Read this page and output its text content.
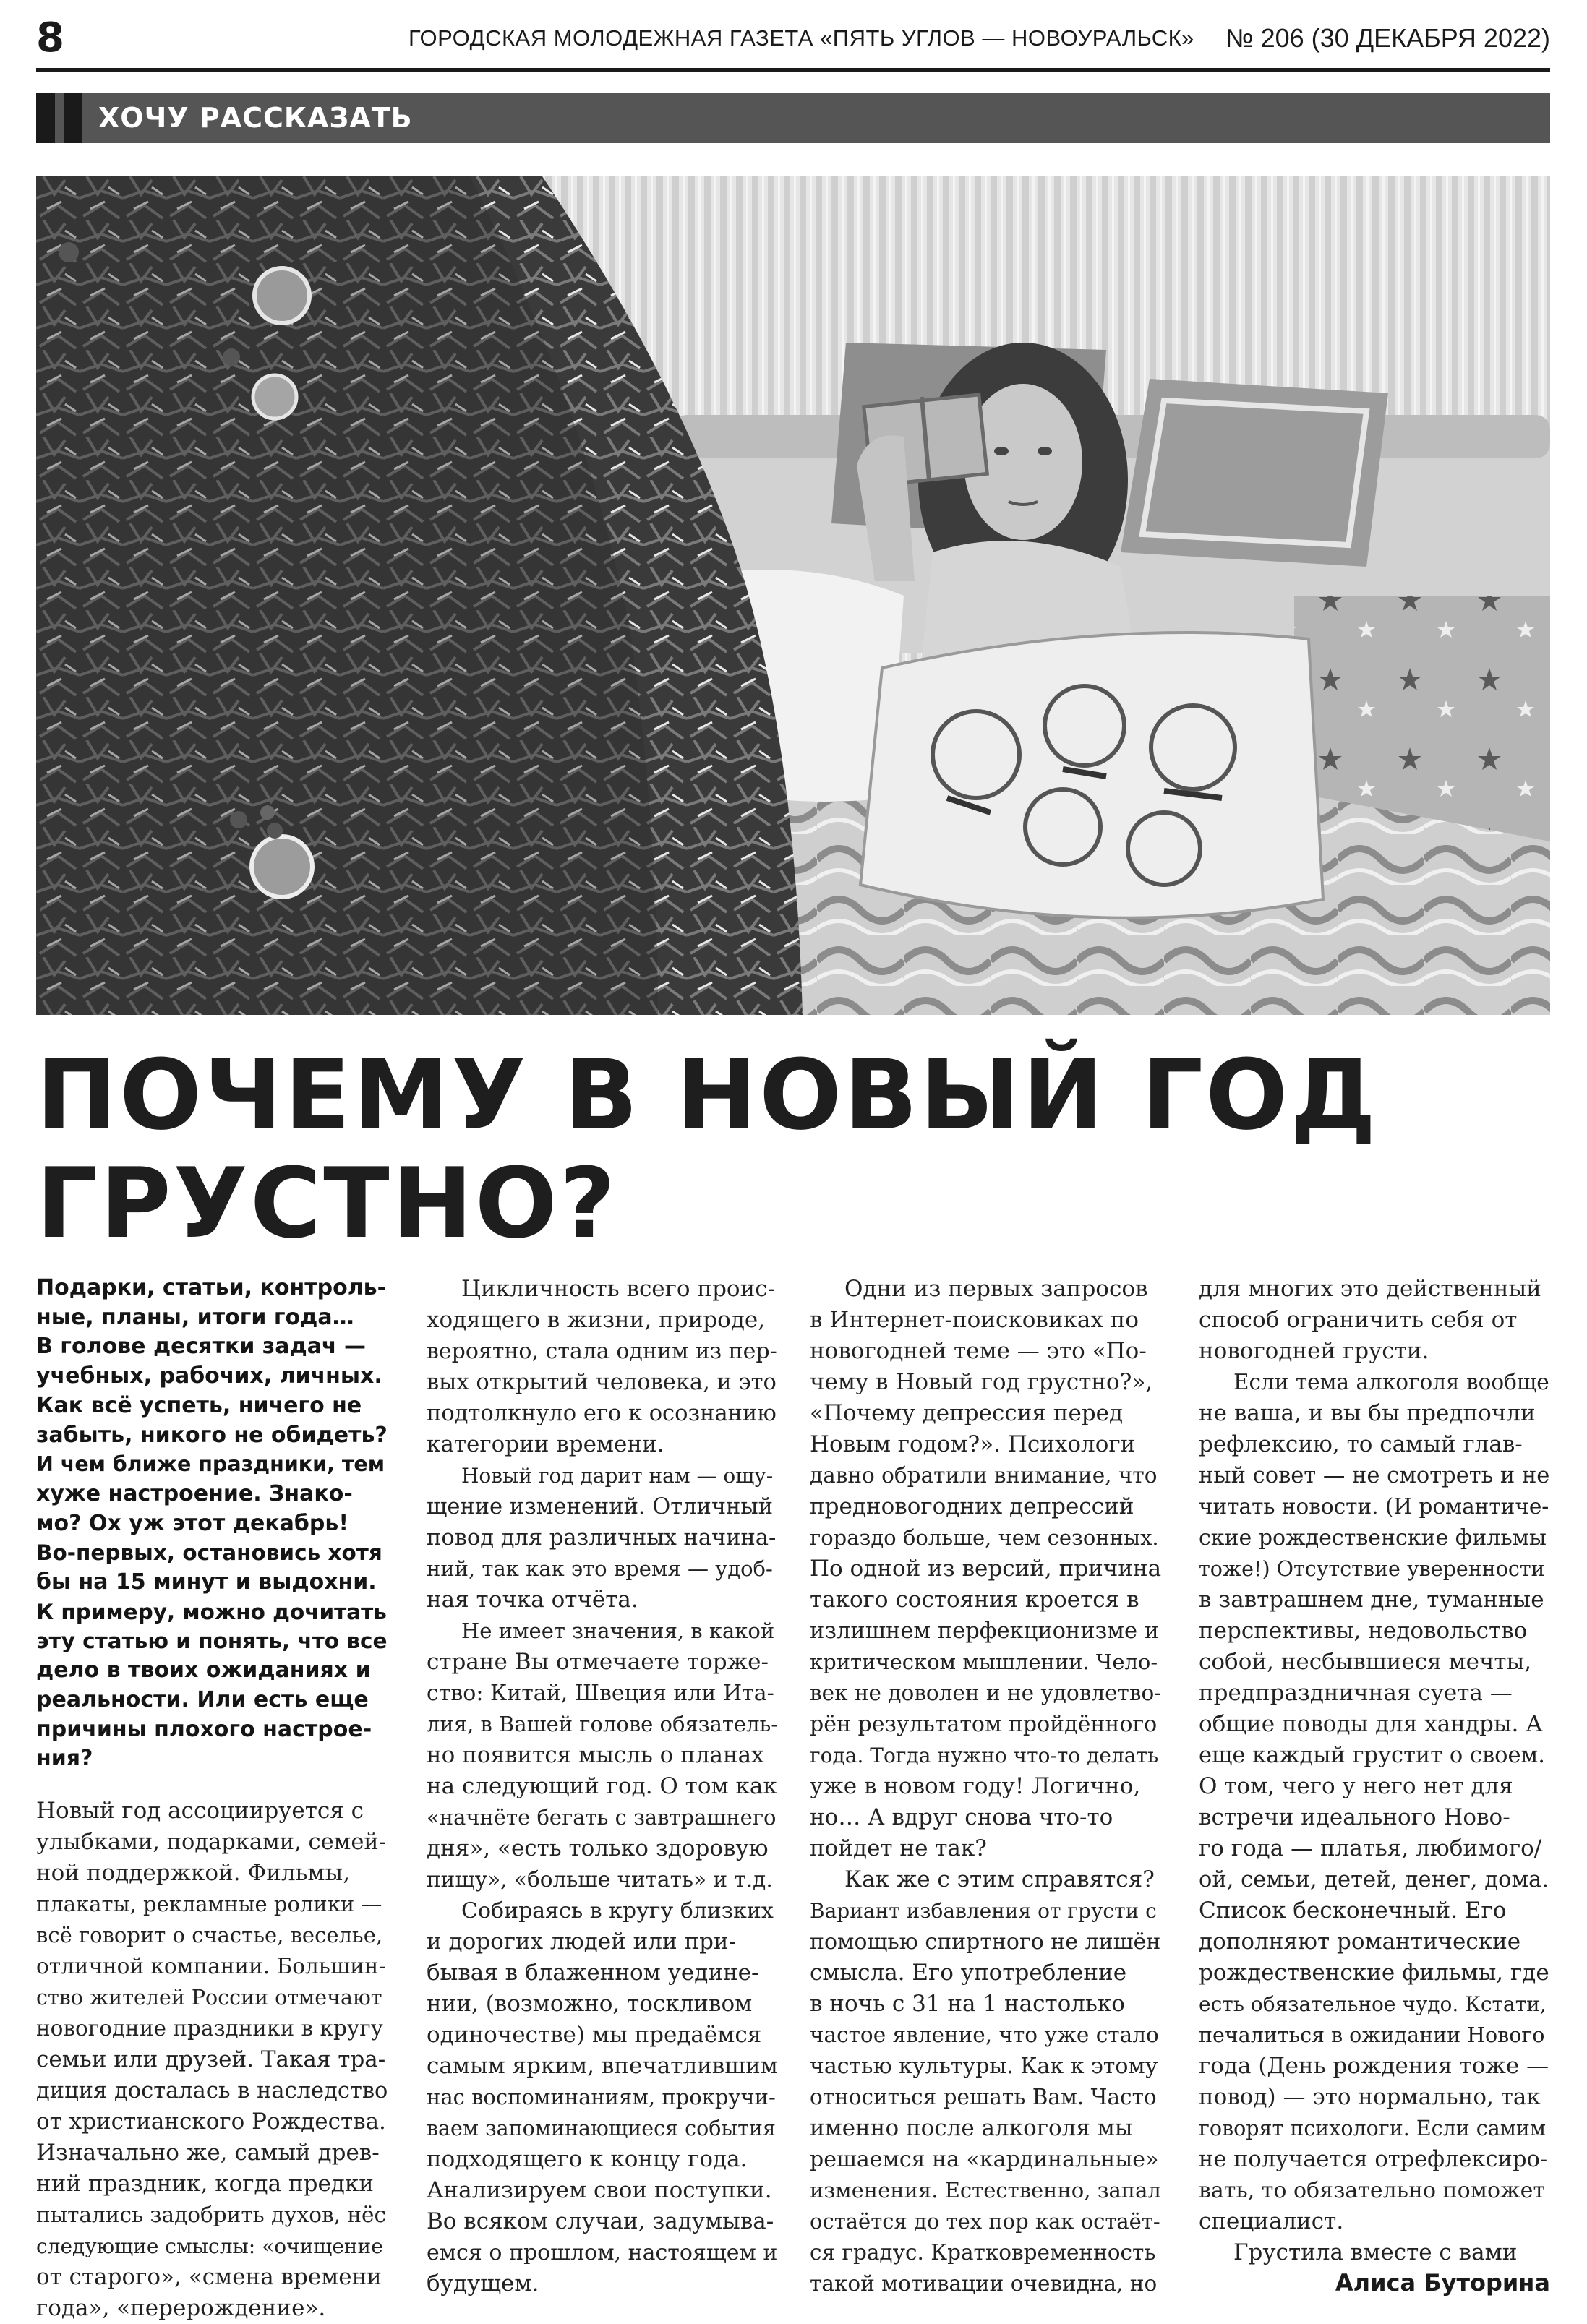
8	ГОРОДСКАЯ МОЛОДЕЖНАЯ ГАЗЕТА «ПЯТЬ УГЛОВ — НОВОУРАЛЬСК» № 206 (30 ДЕКАБРЯ 2022)
ХОЧУ РАССКАЗАТЬ
ПОЧЕМУ В НОВЫЙ ГОД
ГРУСТНО?
Подарки, статьи, контроль-
ные, планы, итоги года…
В голове десятки задач —
учебных, рабочих, личных.
Как всё успеть, ничего не
забыть, никого не обидеть?
И чем ближе праздники, тем
хуже настроение. Знако-
мо? Ох уж этот декабрь!
Во-первых, остановись хотя
бы на 15 минут и выдохни.
К примеру, можно дочитать
эту статью и понять, что все
дело в твоих ожиданиях и
реальности. Или есть еще
причины плохого настрое-
ния?
Новый год ассоциируется с
улыбками, подарками, семей-
ной поддержкой. Фильмы,
плакаты, рекламные ролики —
всё говорит о счастье, веселье,
отличной компании. Большин-
ство жителей России отмечают
новогодние праздники в кругу
семьи или друзей. Такая тра-
диция досталась в наследство
от христианского Рождества.
Изначально же, самый древ-
ний праздник, когда предки
пытались задобрить духов, нёс
следующие смыслы: «очищение
от старого», «смена времени
года», «перерождение».
Цикличность всего проис-
ходящего в жизни, природе,
вероятно, стала одним из пер-
вых открытий человека, и это
подтолкнуло его к осознанию
категории времени.
Новый год дарит нам — ощу-
щение изменений. Отличный
повод для различных начина-
ний, так как это время — удоб-
ная точка отчёта.
Не имеет значения, в какой
стране Вы отмечаете торже-
ство: Китай, Швеция или Ита-
лия, в Вашей голове обязатель-
но появится мысль о планах
на следующий год. О том как
«начнёте бегать с завтрашнего
дня», «есть только здоровую
пищу», «больше читать» и т.д.
Собираясь в кругу близких
и дорогих людей или при-
бывая в блаженном уедине-
нии, (возможно, тоскливом
одиночестве) мы предаёмся
самым ярким, впечатлившим
нас воспоминаниям, прокручи-
ваем запоминающиеся события
подходящего к концу года.
Анализируем свои поступки.
Во всяком случаи, задумыва-
емся о прошлом, настоящем и
будущем.
Одни из первых запросов
в Интернет-поисковиках по
новогодней теме — это «По-
чему в Новый год грустно?»,
«Почему депрессия перед
Новым годом?». Психологи
давно обратили внимание, что
предновогодних депрессий
гораздо больше, чем сезонных.
По одной из версий, причина
такого состояния кроется в
излишнем перфекционизме и
критическом мышлении. Чело-
век не доволен и не удовлетво-
рён результатом пройдённого
года. Тогда нужно что-то делать
уже в новом году! Логично,
но… А вдруг снова что-то
пойдет не так?
Как же с этим справятся?
Вариант избавления от грусти с
помощью спиртного не лишён
смысла. Его употребление
в ночь с 31 на 1 настолько
частое явление, что уже стало
частью культуры. Как к этому
относиться решать Вам. Часто
именно после алкоголя мы
решаемся на «кардинальные»
изменения. Естественно, запал
остаётся до тех пор как остаёт-
ся градус. Кратковременность
такой мотивации очевидна, но
для многих это действенный
способ ограничить себя от
новогодней грусти.
Если тема алкоголя вообще
не ваша, и вы бы предпочли
рефлексию, то самый глав-
ный совет — не смотреть и не
читать новости. (И романтиче-
ские рождественские фильмы
тоже!) Отсутствие уверенности
в завтрашнем дне, туманные
перспективы, недовольство
собой, несбывшиеся мечты,
предпраздничная суета —
общие поводы для хандры. А
еще каждый грустит о своем.
О том, чего у него нет для
встречи идеального Ново-
го года — платья, любимого/
ой, семьи, детей, денег, дома.
Список бесконечный. Его
дополняют романтические
рождественские фильмы, где
есть обязательное чудо. Кстати,
печалиться в ожидании Нового
года (День рождения тоже —
повод) — это нормально, так
говорят психологи. Если самим
не получается отрефлексиро-
вать, то обязательно поможет
специалист.
Грустила вместе с вами
Алиса Буторина
